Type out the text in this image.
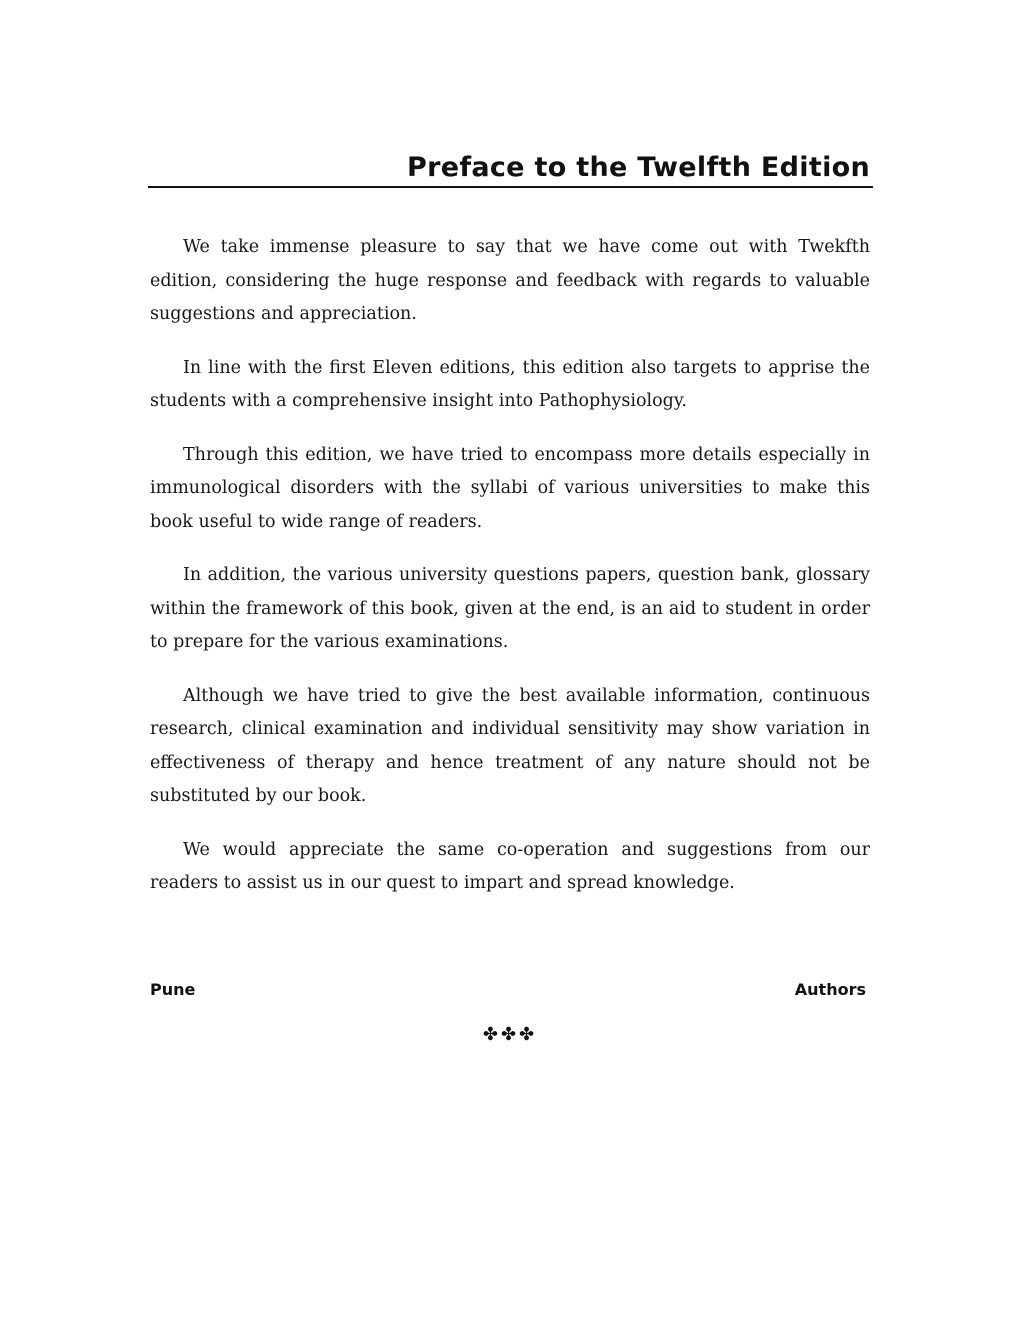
Preface to the Twelfth Edition

We take immense pleasure to say that we have come out with Twekfth edition, considering the huge response and feedback with regards to valuable suggestions and appreciation.

In line with the first Eleven editions, this edition also targets to apprise the students with a comprehensive insight into Pathophysiology.

Through this edition, we have tried to encompass more details especially in immunological disorders with the syllabi of various universities to make this book useful to wide range of readers.

In addition, the various university questions papers, question bank, glossary within the framework of this book, given at the end, is an aid to student in order to prepare for the various examinations.

Although we have tried to give the best available information, continuous research, clinical examination and individual sensitivity may show variation in effectiveness of therapy and hence treatment of any nature should not be substituted by our book.

We would appreciate the same co-operation and suggestions from our readers to assist us in our quest to impart and spread knowledge.

Pune	Authors
✤✤✤
